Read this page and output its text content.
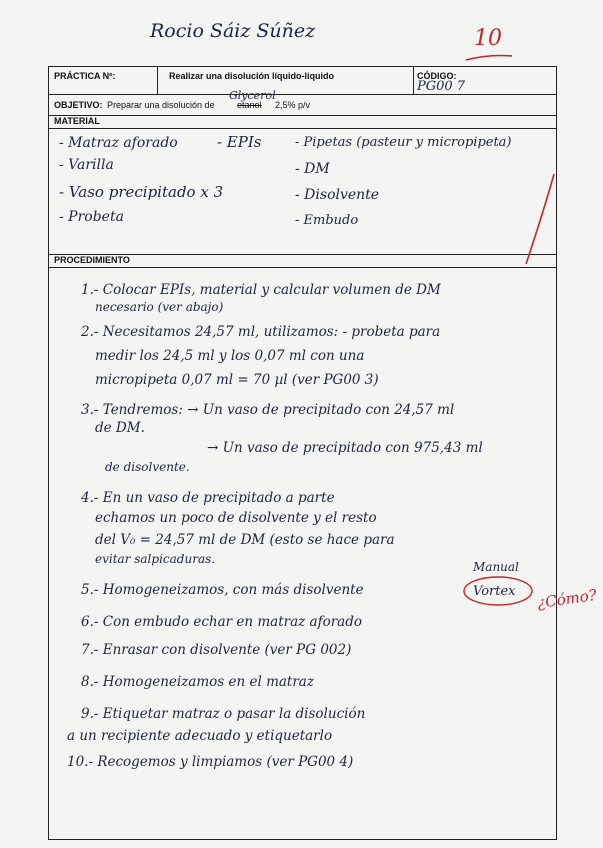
Rocio Sáiz Súñez	10
PRÁCTICA Nº:	Realizar una disolución líquido-líquido	CÓDIGO:
PG00 7
OBJETIVO: Preparar una disolución de etanol
Glycerol
2,5% p/v
MATERIAL
- Matraz aforado
- Varilla
- Vaso precipitado x 3
- Probeta
- EPIs
- DM
- Disolvente
- Embudo
- Pipetas (pasteur y micropipeta)
PROCEDIMIENTO
1.- Colocar EPIs, material y calcular volumen de DM
necesario (ver abajo)
2.- Necesitamos 24,57 ml, utilizamos: - probeta para
medir los 24,5 ml y los 0,07 ml con una
micropipeta 0,07 ml = 70 µl (ver PG00 3)
3.- Tendremos: → Un vaso de precipitado con 24,57 ml
de DM.
→ Un vaso de precipitado con 975,43 ml
de disolvente.
4.- En un vaso de precipitado a parte
echamos un poco de disolvente y el resto
del V₀ = 24,57 ml de DM (esto se hace para
evitar salpicaduras.
5.- Homogeneizamos, con más disolvente
6.- Con embudo echar en matraz aforado
7.- Enrasar con disolvente (ver PG 002)
8.- Homogeneizamos en el matraz
9.- Etiquetar matraz o pasar la disolución
a un recipiente adecuado y etiquetarlo
10.- Recogemos y limpiamos (ver PG00 4)
Manual
Vortex ¿Cómo?
